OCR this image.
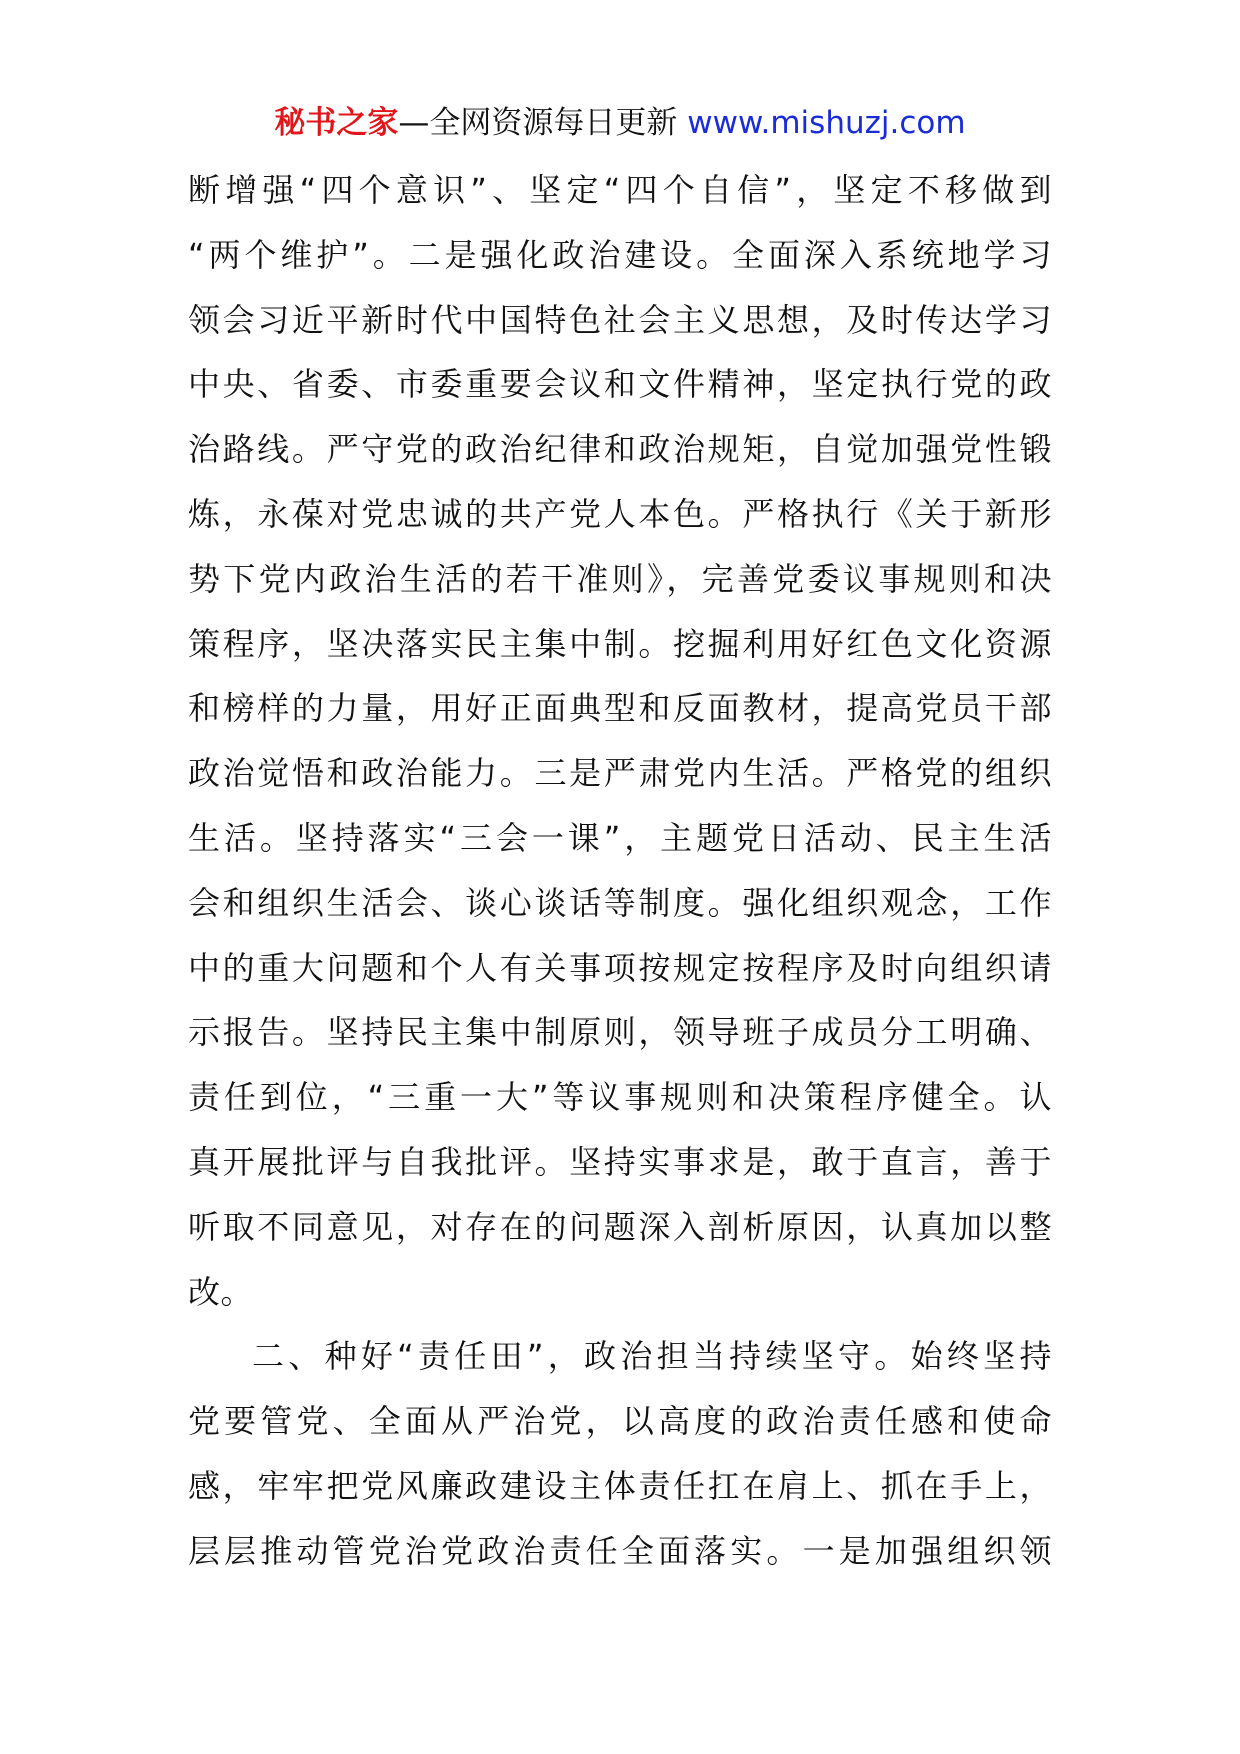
秘书之家—全网资源每日更新 www.mishuzj.com
断增强“四个意识”、坚定“四个自信”，坚定不移做到
“两个维护”。二是强化政治建设。全面深入系统地学习
领会习近平新时代中国特色社会主义思想，及时传达学习
中央、省委、市委重要会议和文件精神，坚定执行党的政
治路线。严守党的政治纪律和政治规矩，自觉加强党性锻
炼，永葆对党忠诚的共产党人本色。严格执行《关于新形
势下党内政治生活的若干准则》，完善党委议事规则和决
策程序，坚决落实民主集中制。挖掘利用好红色文化资源
和榜样的力量，用好正面典型和反面教材，提高党员干部
政治觉悟和政治能力。三是严肃党内生活。严格党的组织
生活。坚持落实“三会一课”，主题党日活动、民主生活
会和组织生活会、谈心谈话等制度。强化组织观念，工作
中的重大问题和个人有关事项按规定按程序及时向组织请
示报告。坚持民主集中制原则，领导班子成员分工明确、
责任到位，“三重一大”等议事规则和决策程序健全。认
真开展批评与自我批评。坚持实事求是，敢于直言，善于
听取不同意见，对存在的问题深入剖析原因，认真加以整
改。
二、种好“责任田”，政治担当持续坚守。始终坚持
党要管党、全面从严治党，以高度的政治责任感和使命
感，牢牢把党风廉政建设主体责任扛在肩上、抓在手上，
层层推动管党治党政治责任全面落实。一是加强组织领
